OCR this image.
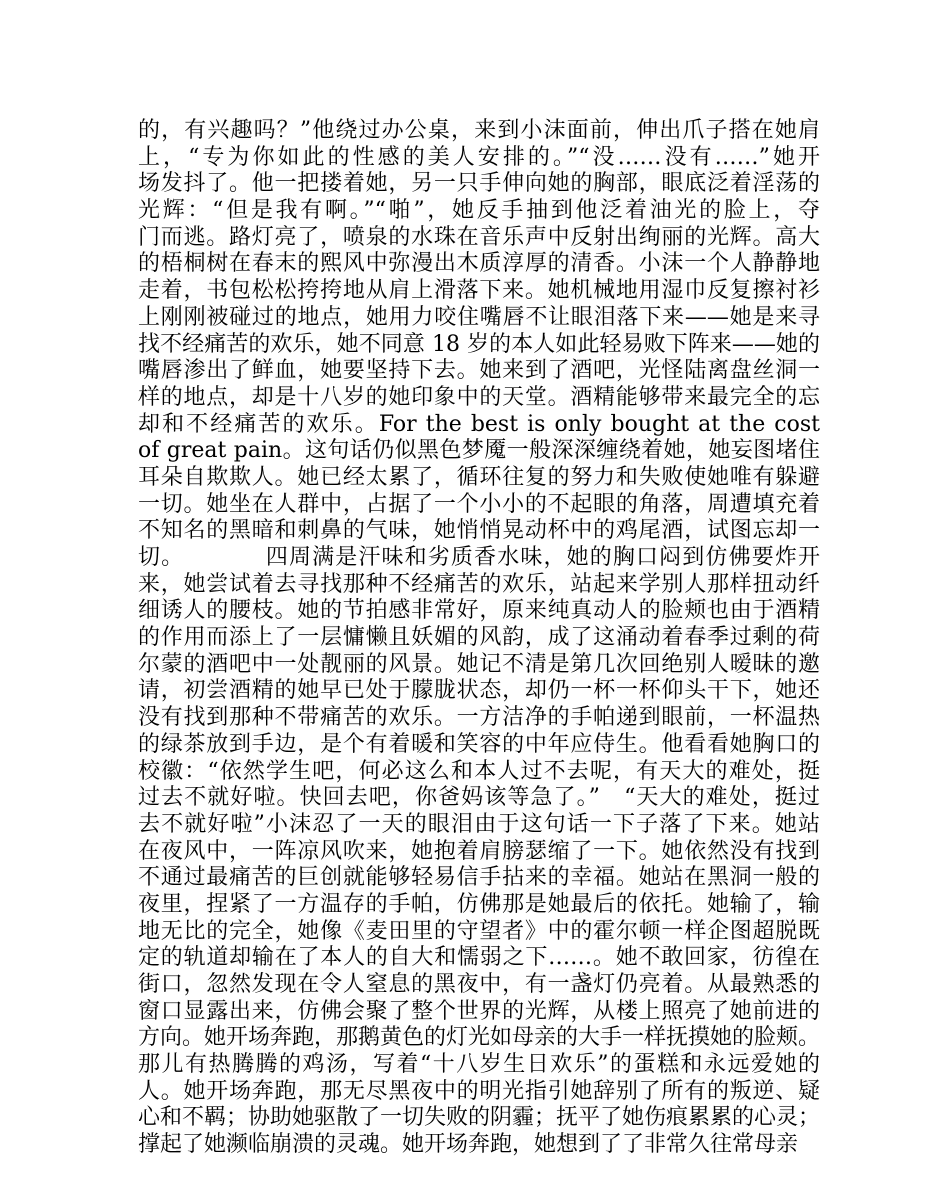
的，有兴趣吗？”他绕过办公桌，来到小沫面前，伸出爪子搭在她肩
上，“专为你如此的性感的美人安排的。”“没……没有……”她开
场发抖了。他一把搂着她，另一只手伸向她的胸部，眼底泛着淫荡的
光辉：“但是我有啊。”“啪”，她反手抽到他泛着油光的脸上，夺
门而逃。路灯亮了，喷泉的水珠在音乐声中反射出绚丽的光辉。高大
的梧桐树在春末的熙风中弥漫出木质淳厚的清香。小沫一个人静静地
走着，书包松松挎挎地从肩上滑落下来。她机械地用湿巾反复擦衬衫
上刚刚被碰过的地点，她用力咬住嘴唇不让眼泪落下来——她是来寻
找不经痛苦的欢乐，她不同意 18 岁的本人如此轻易败下阵来——她的
嘴唇渗出了鲜血，她要坚持下去。她来到了酒吧，光怪陆离盘丝洞一
样的地点，却是十八岁的她印象中的天堂。酒精能够带来最完全的忘
却和不经痛苦的欢乐。For the best is only bought at the cost
of great pain。这句话仍似黑色梦魇一般深深缠绕着她，她妄图堵住
耳朵自欺欺人。她已经太累了，循环往复的努力和失败使她唯有躲避
一切。她坐在人群中，占据了一个小小的不起眼的角落，周遭填充着
不知名的黑暗和刺鼻的气味，她悄悄晃动杯中的鸡尾酒，试图忘却一
切。　　　　四周满是汗味和劣质香水味，她的胸口闷到仿佛要炸开
来，她尝试着去寻找那种不经痛苦的欢乐，站起来学别人那样扭动纤
细诱人的腰枝。她的节拍感非常好，原来纯真动人的脸颊也由于酒精
的作用而添上了一层慵懒且妖媚的风韵，成了这涌动着春季过剩的荷
尔蒙的酒吧中一处靓丽的风景。她记不清是第几次回绝别人暧昧的邀
请，初尝酒精的她早已处于朦胧状态，却仍一杯一杯仰头干下，她还
没有找到那种不带痛苦的欢乐。一方洁净的手帕递到眼前，一杯温热
的绿茶放到手边，是个有着暖和笑容的中年应侍生。他看看她胸口的
校徽：“依然学生吧，何必这么和本人过不去呢，有天大的难处，挺
过去不就好啦。快回去吧，你爸妈该等急了。”　“天大的难处，挺过
去不就好啦”小沫忍了一天的眼泪由于这句话一下子落了下来。她站
在夜风中，一阵凉风吹来，她抱着肩膀瑟缩了一下。她依然没有找到
不通过最痛苦的巨创就能够轻易信手拈来的幸福。她站在黑洞一般的
夜里，捏紧了一方温存的手帕，仿佛那是她最后的依托。她输了，输
地无比的完全，她像《麦田里的守望者》中的霍尔顿一样企图超脱既
定的轨道却输在了本人的自大和懦弱之下……。她不敢回家，彷徨在
街口，忽然发现在令人窒息的黑夜中，有一盏灯仍亮着。从最熟悉的
窗口显露出来，仿佛会聚了整个世界的光辉，从楼上照亮了她前进的
方向。她开场奔跑，那鹅黄色的灯光如母亲的大手一样抚摸她的脸颊。
那儿有热腾腾的鸡汤，写着“十八岁生日欢乐”的蛋糕和永远爱她的
人。她开场奔跑，那无尽黑夜中的明光指引她辞别了所有的叛逆、疑
心和不羁；协助她驱散了一切失败的阴霾；抚平了她伤痕累累的心灵；
撑起了她濒临崩溃的灵魂。她开场奔跑，她想到了了非常久往常母亲
